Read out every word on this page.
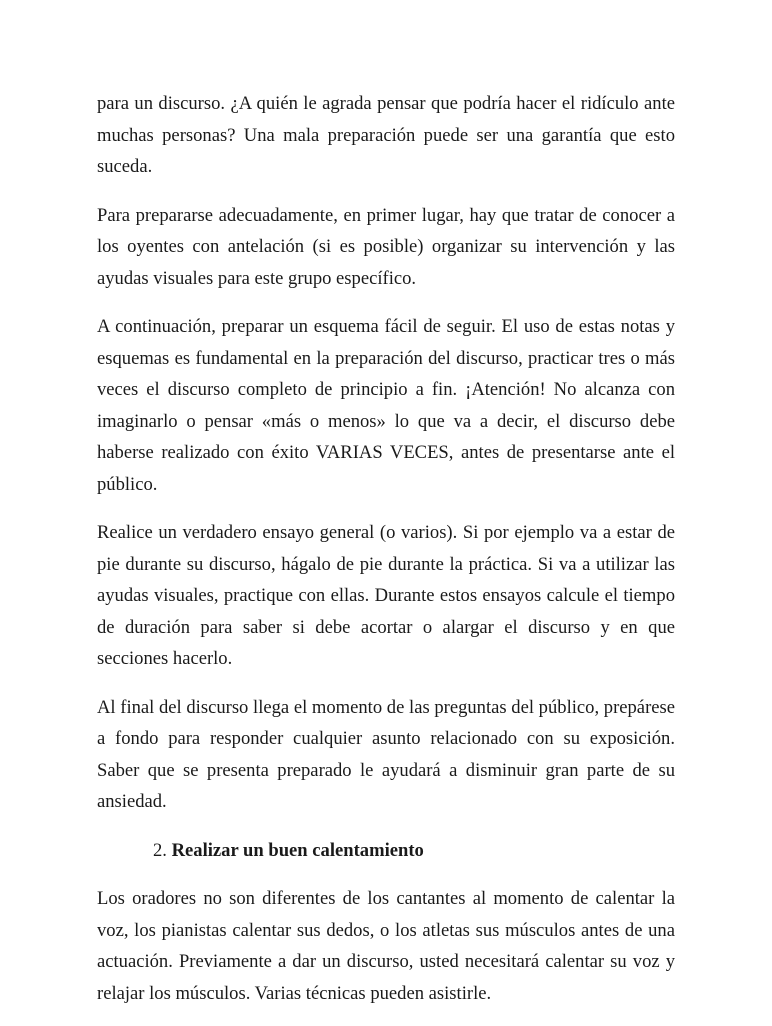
para un discurso. ¿A quién le agrada pensar que podría hacer el ridículo ante muchas personas? Una mala preparación puede ser una garantía que esto suceda.

Para prepararse adecuadamente, en primer lugar, hay que tratar de conocer a los oyentes con antelación (si es posible) organizar su intervención y las ayudas visuales para este grupo específico.

A continuación, preparar un esquema fácil de seguir. El uso de estas notas y esquemas es fundamental en la preparación del discurso, practicar tres o más veces el discurso completo de principio a fin. ¡Atención! No alcanza con imaginarlo o pensar «más o menos» lo que va a decir, el discurso debe haberse realizado con éxito VARIAS VECES, antes de presentarse ante el público.

Realice un verdadero ensayo general (o varios). Si por ejemplo va a estar de pie durante su discurso, hágalo de pie durante la práctica. Si va a utilizar las ayudas visuales, practique con ellas. Durante estos ensayos calcule el tiempo de duración para saber si debe acortar o alargar el discurso y en que secciones hacerlo.

Al final del discurso llega el momento de las preguntas del público, prepárese a fondo para responder cualquier asunto relacionado con su exposición. Saber que se presenta preparado le ayudará a disminuir gran parte de su ansiedad.

2. Realizar un buen calentamiento

Los oradores no son diferentes de los cantantes al momento de calentar la voz, los pianistas calentar sus dedos, o los atletas sus músculos antes de una actuación. Previamente a dar un discurso, usted necesitará calentar su voz y relajar los músculos. Varias técnicas pueden asistirle.
